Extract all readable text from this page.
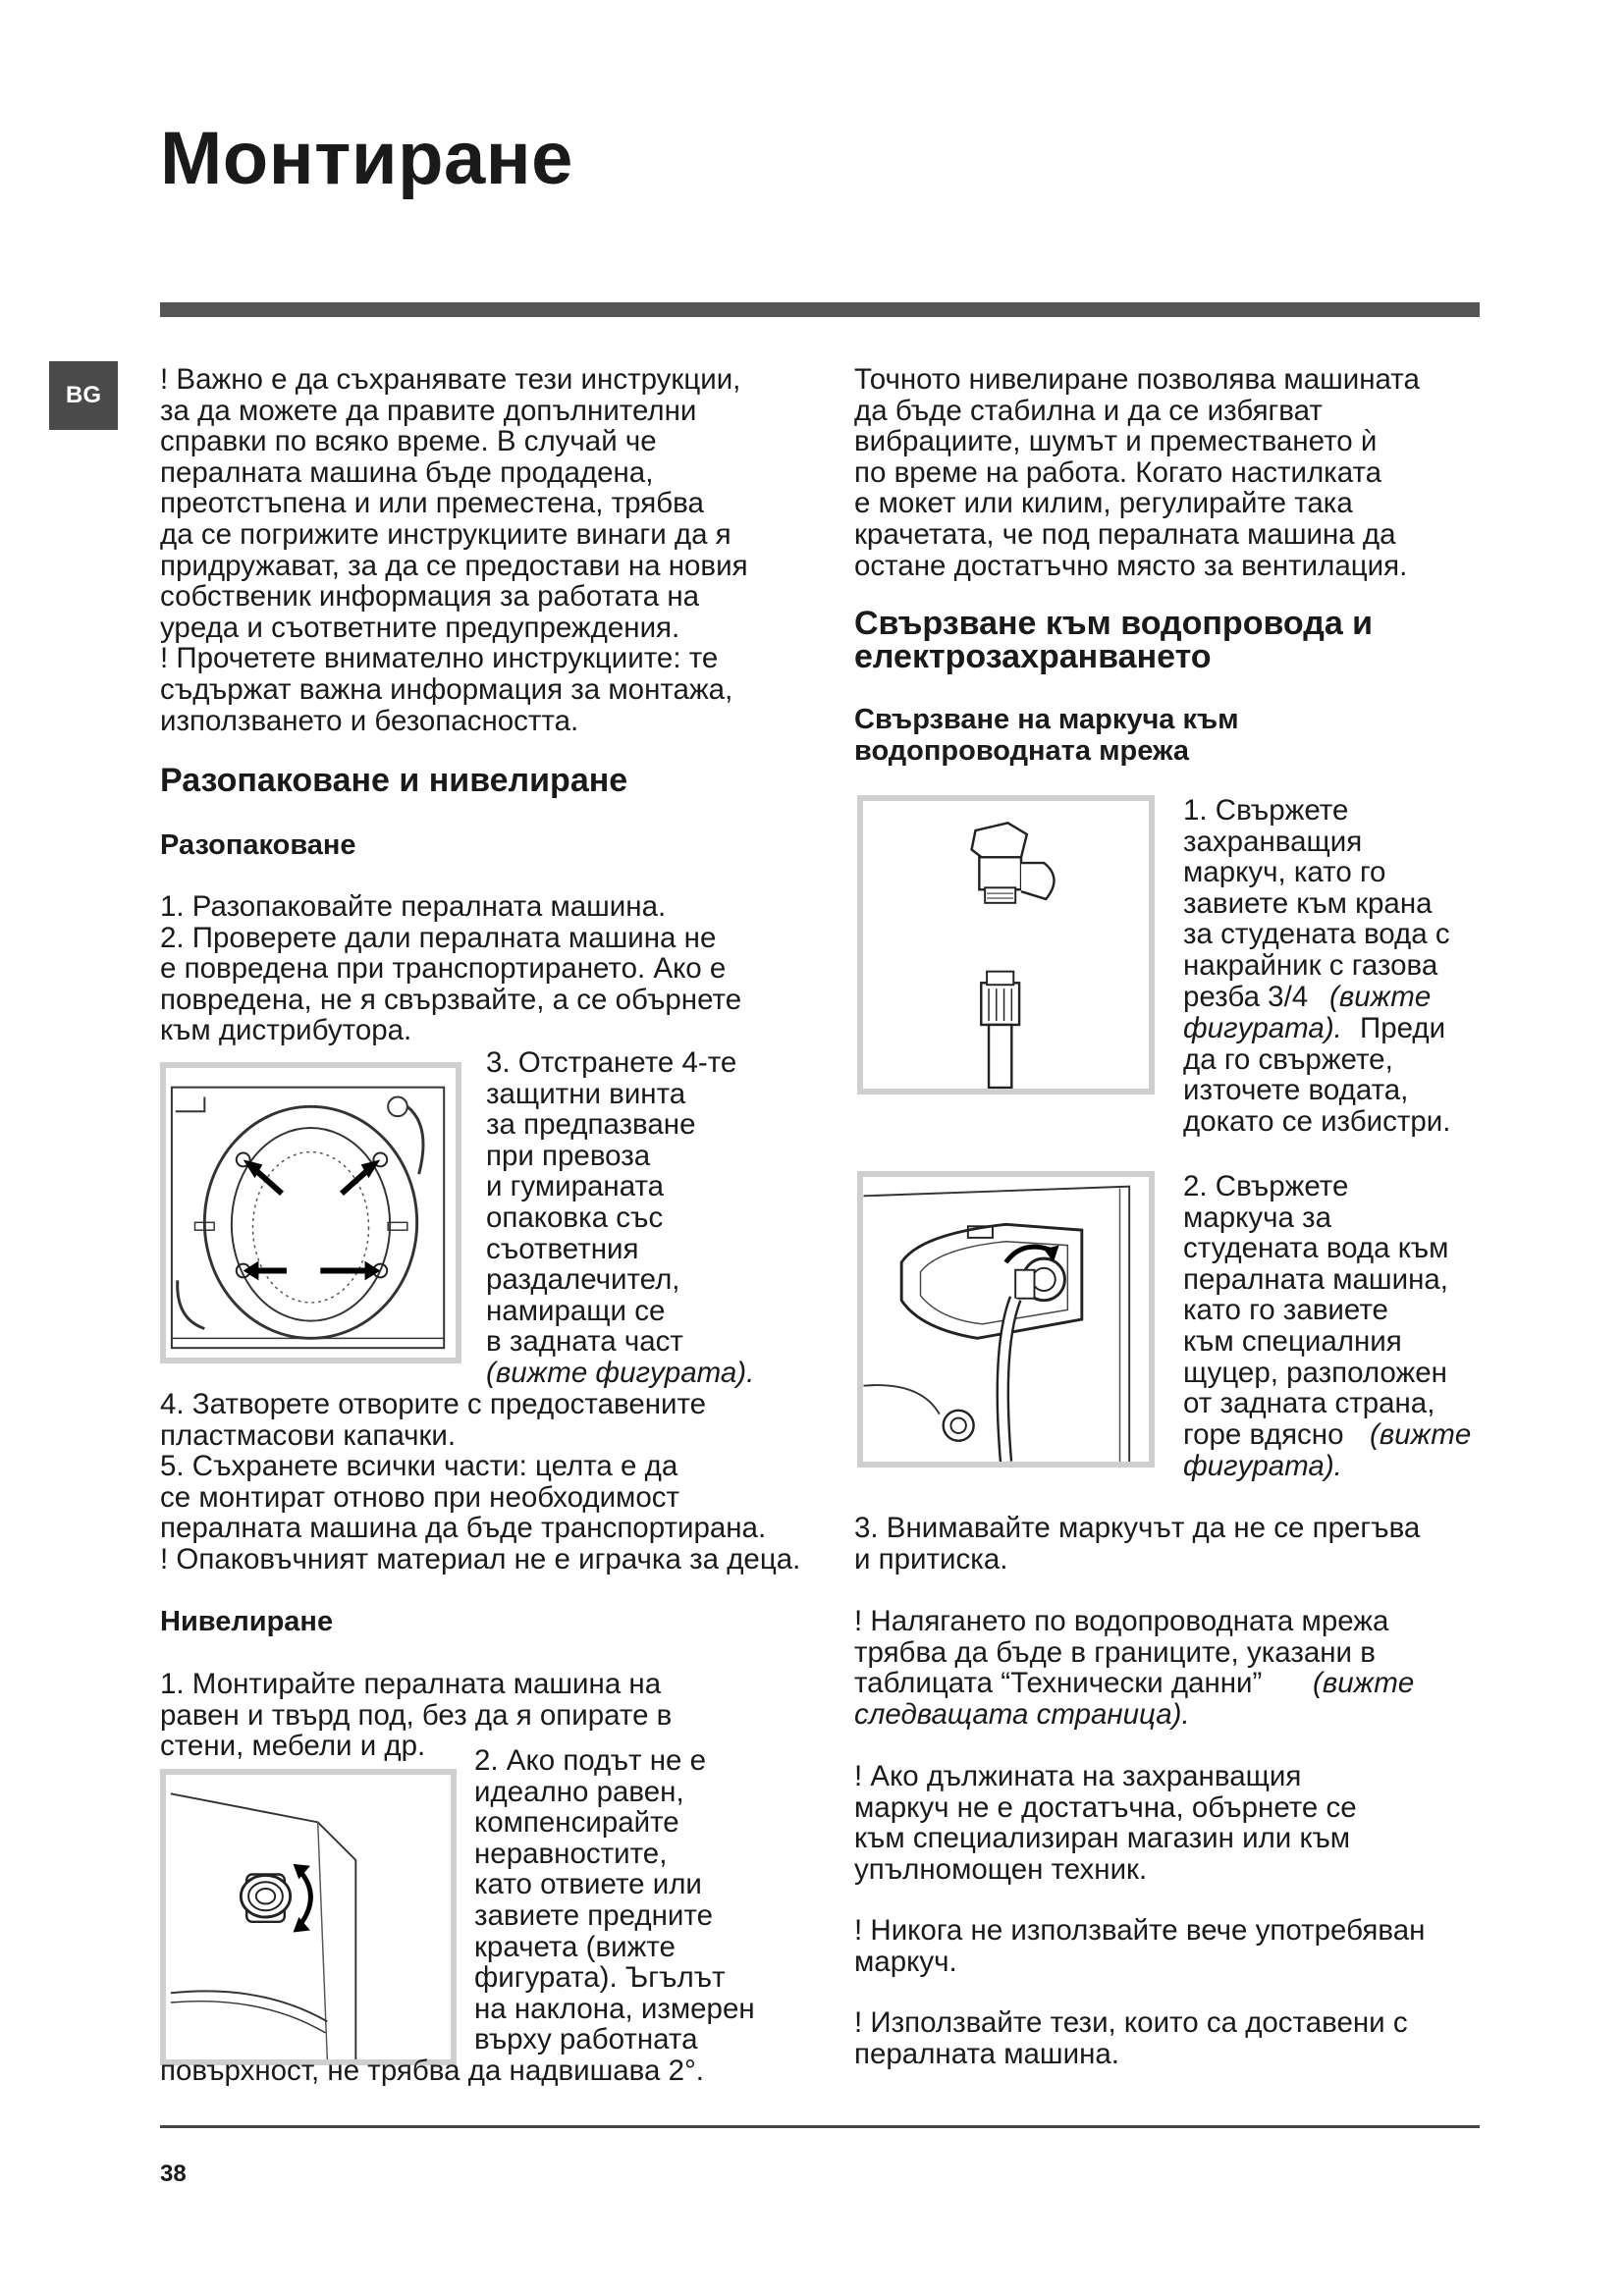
Монтиране
BG	! Важно е да съхранявате тези инструкции,
за да можете да правите допълнителни
справки по всяко време. В случай че
пералната машина бъде продадена,
преотстъпена и или преместена, трябва
да се погрижите инструкциите винаги да я
придружават, за да се предостави на новия
собственик информация за работата на
уреда и съответните предупреждения.
! Прочетете внимателно инструкциите: те
съдържат важна информация за монтажа,
използването и безопасността.

Разопаковане и нивелиране
Разопаковане

1. Разопаковайте пералната машина.
2. Проверете дали пералната машина не
е повредена при транспортирането. Ако е
повредена, не я свързвайте, а се обърнете
към дистрибутора.

3. Отстранете 4-те
защитни винта
за предпазване
при превоза
и гумираната
опаковка със
съответния
раздалечител,
намиращи се
в задната част

(вижте фигурата).

4. Затворете отворите с предоставените
пластмасови капачки.
5. Съхранете всички части: целта е да
се монтират отново при необходимост
пералната машина да бъде транспортирана.
! Опаковъчният материал не е играчка за деца.

Нивелиране

1. Монтирайте пералната машина на
равен и твърд под, без да я опирате в
стени, мебели и др.	2. Ако подът не е
идеално равен,
компенсирайте
неравностите,
като отвиете или
завиете предните
крачета (вижте
фигурата). Ъгълът
на наклона, измерен
върху работната

повърхност, не трябва да надвишава 2°.

Точното нивелиране позволява машината
да бъде стабилна и да се избягват
вибрациите, шумът и преместването ѝ
по време на работа. Когато настилката
е мокет или килим, регулирайте така
крачетата, че под пералната машина да
остане достатъчно място за вентилация.

Свързване към водопровода и
електрозахранването
Свързване на маркуча към
водопроводната мрежа

1. Свържете
захранващия
маркуч, като го
завиете към крана
за студената вода с
накрайник с газова
резба 3/4 (вижте

фигурата). Преди
да го свържете,
източете водата,
докато се избистри.

2. Свържете
маркуча за
студената вода към
пералната машина,
като го завиете
към специалния
щуцер, разположен
от задната страна,
горе вдясно (вижте

фигурата).

3. Внимавайте маркучът да не се прегъва
и притиска.

! Налягането по водопроводната мрежа
трябва да бъде в границите, указани в
таблицата “Технически данни”	(вижте

следващата страница).

! Ако дължината на захранващия
маркуч не е достатъчна, обърнете се
към специализиран магазин или към
упълномощен техник.

! Никога не използвайте вече употребяван
маркуч.

! Използвайте тези, които са доставени с
пералната машина.

38
